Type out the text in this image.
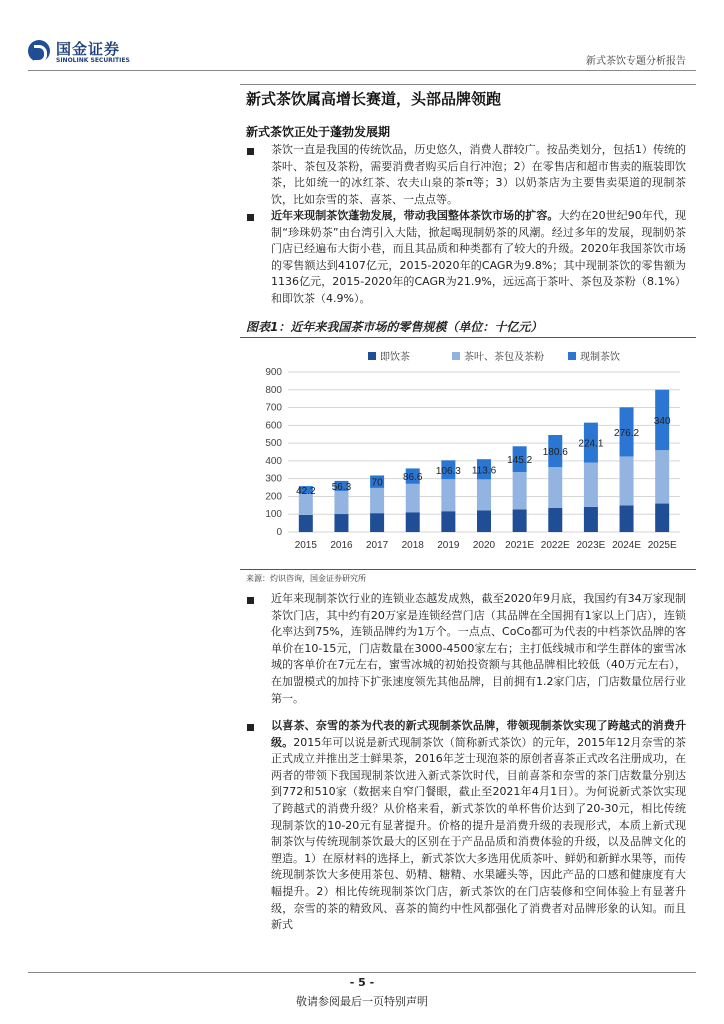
国金证券
SINOLINK SECURITIES	新式茶饮专题分析报告
新式茶饮属高增长赛道，头部品牌领跑
新式茶饮正处于蓬勃发展期
茶饮一直是我国的传统饮品，历史悠久，消费人群较广。按品类划分，包括1）传统的茶叶、茶包及茶粉，需要消费者购买后自行冲泡；2）在零售店和超市售卖的瓶装即饮茶，比如统一的冰红茶、农夫山泉的茶π等；3）以奶茶店为主要售卖渠道的现制茶饮，比如奈雪的茶、喜茶、一点点等。
近年来现制茶饮蓬勃发展，带动我国整体茶饮市场的扩容。大约在20世纪90年代，现制“珍珠奶茶”由台湾引入大陆，掀起喝现制奶茶的风潮。经过多年的发展，现制奶茶门店已经遍布大街小巷，而且其品质和种类都有了较大的升级。2020年我国茶饮市场的零售额达到4107亿元，2015-2020年的CAGR为9.8%；其中现制茶饮的零售额为1136亿元，2015-2020年的CAGR为21.9%，远远高于茶叶、茶包及茶粉（8.1%）和即饮茶（4.9%）。
图表1：近年来我国茶市场的零售规模（单位：十亿元）
0
100
200
300
400
500
600
700
800
900
即饮茶	茶叶、茶包及茶粉	现制茶饮
42.2
2015
56.3
2016
70
2017
86.6
2018
106.3
2019
113.6
2020
145.2
2021E
180.6
2022E
224.1
2023E
276.2
2024E
340
2025E
来源：灼识咨询，国金证券研究所
近年来现制茶饮行业的连锁业态越发成熟，截至2020年9月底，我国约有34万家现制茶饮门店，其中约有20万家是连锁经营门店（其品牌在全国拥有1家以上门店），连锁化率达到75%，连锁品牌约为1万个。一点点、CoCo都可为代表的中档茶饮品牌的客单价在10-15元，门店数量在3000-4500家左右；主打低线城市和学生群体的蜜雪冰城的客单价在7元左右，蜜雪冰城的初始投资额与其他品牌相比较低（40万元左右），在加盟模式的加持下扩张速度领先其他品牌，目前拥有1.2家门店，门店数量位居行业第一。
以喜茶、奈雪的茶为代表的新式现制茶饮品牌，带领现制茶饮实现了跨越式的消费升级。2015年可以说是新式现制茶饮（简称新式茶饮）的元年，2015年12月奈雪的茶正式成立并推出芝士鲜果茶，2016年芝士现泡茶的原创者喜茶正式改名注册成功，在两者的带领下我国现制茶饮进入新式茶饮时代，目前喜茶和奈雪的茶门店数量分别达到772和510家（数据来自窄门餐眼，截止至2021年4月1日）。为何说新式茶饮实现了跨越式的消费升级？从价格来看，新式茶饮的单杯售价达到了20-30元，相比传统现制茶饮的10-20元有显著提升。价格的提升是消费升级的表现形式，本质上新式现制茶饮与传统现制茶饮最大的区别在于产品品质和消费体验的升级，以及品牌文化的塑造。1）在原材料的选择上，新式茶饮大多选用优质茶叶、鲜奶和新鲜水果等，而传统现制茶饮大多使用茶包、奶精、糖精、水果罐头等，因此产品的口感和健康度有大幅提升。2）相比传统现制茶饮门店，新式茶饮的在门店装修和空间体验上有显著升级，奈雪的茶的精致风、喜茶的简约中性风都强化了消费者对品牌形象的认知。而且新式
- 5 -
敬请参阅最后一页特别声明
